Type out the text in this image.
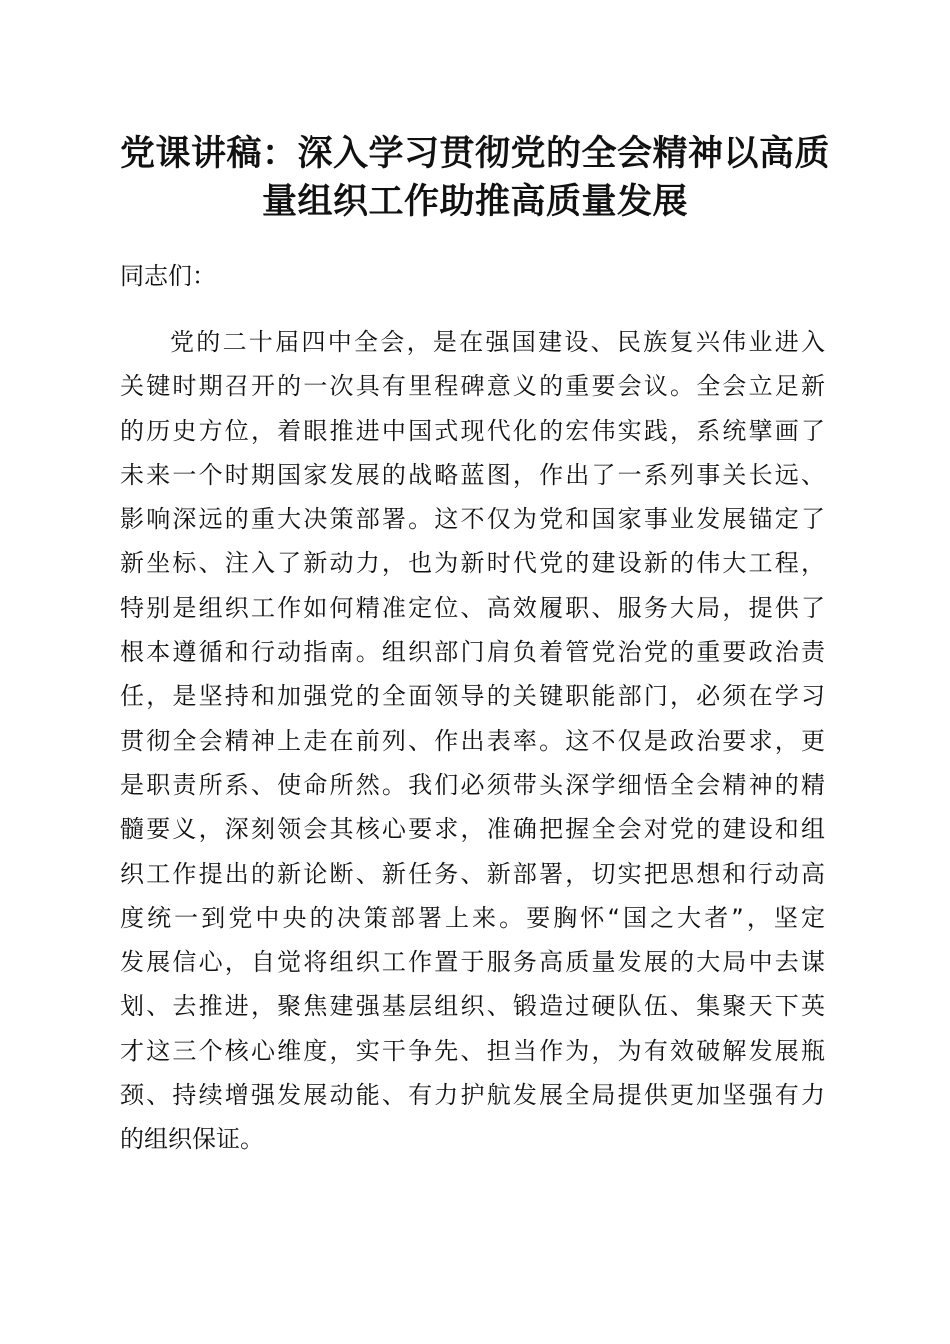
党课讲稿：深入学习贯彻党的全会精神以高质
量组织工作助推高质量发展

同志们：

党的二十届四中全会，是在强国建设、民族复兴伟业进入
关键时期召开的一次具有里程碑意义的重要会议。全会立足新
的历史方位，着眼推进中国式现代化的宏伟实践，系统擘画了
未来一个时期国家发展的战略蓝图，作出了一系列事关长远、
影响深远的重大决策部署。这不仅为党和国家事业发展锚定了
新坐标、注入了新动力，也为新时代党的建设新的伟大工程，
特别是组织工作如何精准定位、高效履职、服务大局，提供了
根本遵循和行动指南。组织部门肩负着管党治党的重要政治责
任，是坚持和加强党的全面领导的关键职能部门，必须在学习
贯彻全会精神上走在前列、作出表率。这不仅是政治要求，更
是职责所系、使命所然。我们必须带头深学细悟全会精神的精
髓要义，深刻领会其核心要求，准确把握全会对党的建设和组
织工作提出的新论断、新任务、新部署，切实把思想和行动高
度统一到党中央的决策部署上来。要胸怀“国之大者”，坚定
发展信心，自觉将组织工作置于服务高质量发展的大局中去谋
划、去推进，聚焦建强基层组织、锻造过硬队伍、集聚天下英
才这三个核心维度，实干争先、担当作为，为有效破解发展瓶
颈、持续增强发展动能、有力护航发展全局提供更加坚强有力
的组织保证。
